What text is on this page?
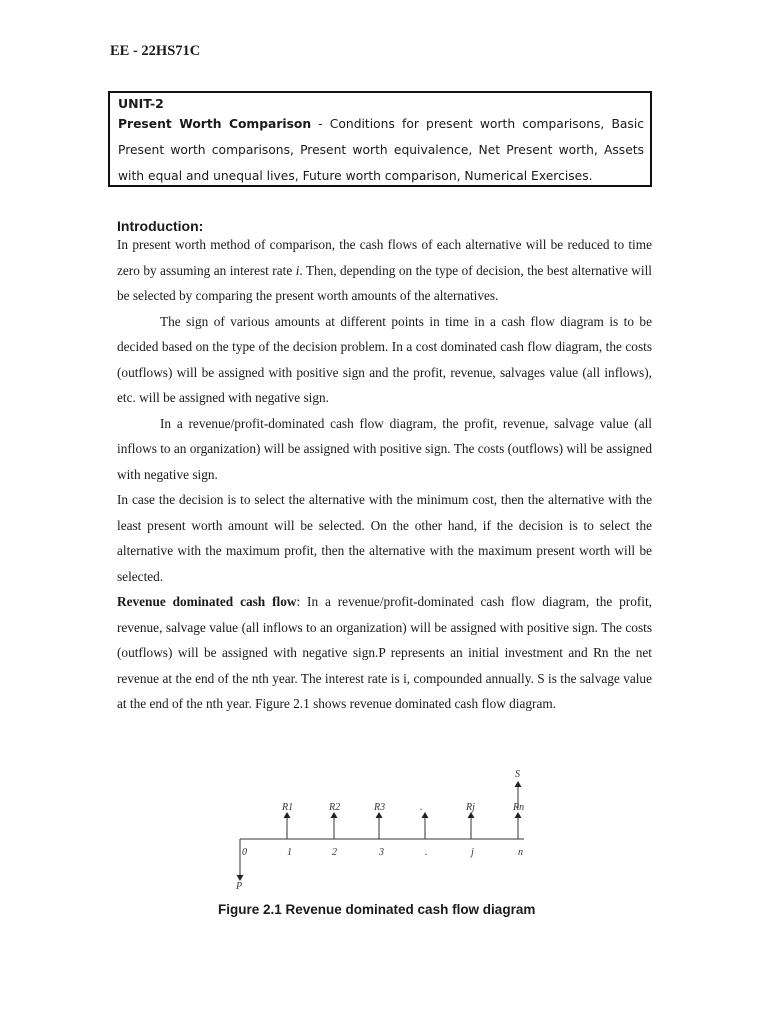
EE - 22HS71C
UNIT-2
Present Worth Comparison - Conditions for present worth comparisons, Basic Present worth comparisons, Present worth equivalence, Net Present worth, Assets with equal and unequal lives, Future worth comparison, Numerical Exercises.
Introduction:

In present worth method of comparison, the cash flows of each alternative will be reduced to time zero by assuming an interest rate i. Then, depending on the type of decision, the best alternative will be selected by comparing the present worth amounts of the alternatives.

The sign of various amounts at different points in time in a cash flow diagram is to be decided based on the type of the decision problem. In a cost dominated cash flow diagram, the costs (outflows) will be assigned with positive sign and the profit, revenue, salvages value (all inflows), etc. will be assigned with negative sign.

In a revenue/profit-dominated cash flow diagram, the profit, revenue, salvage value (all inflows to an organization) will be assigned with positive sign. The costs (outflows) will be assigned with negative sign.

In case the decision is to select the alternative with the minimum cost, then the alternative with the least present worth amount will be selected. On the other hand, if the decision is to select the alternative with the maximum profit, then the alternative with the maximum present worth will be selected.

Revenue dominated cash flow: In a revenue/profit-dominated cash flow diagram, the profit, revenue, salvage value (all inflows to an organization) will be assigned with positive sign. The costs (outflows) will be assigned with negative sign.P represents an initial investment and Rn the net revenue at the end of the nth year. The interest rate is i, compounded annually. S is the salvage value at the end of the nth year. Figure 2.1 shows revenue dominated cash flow diagram.

P
S
R1	R2	R3	.	Rj	Rn
0	1	2	3	.	j	n
Figure 2.1 Revenue dominated cash flow diagram
